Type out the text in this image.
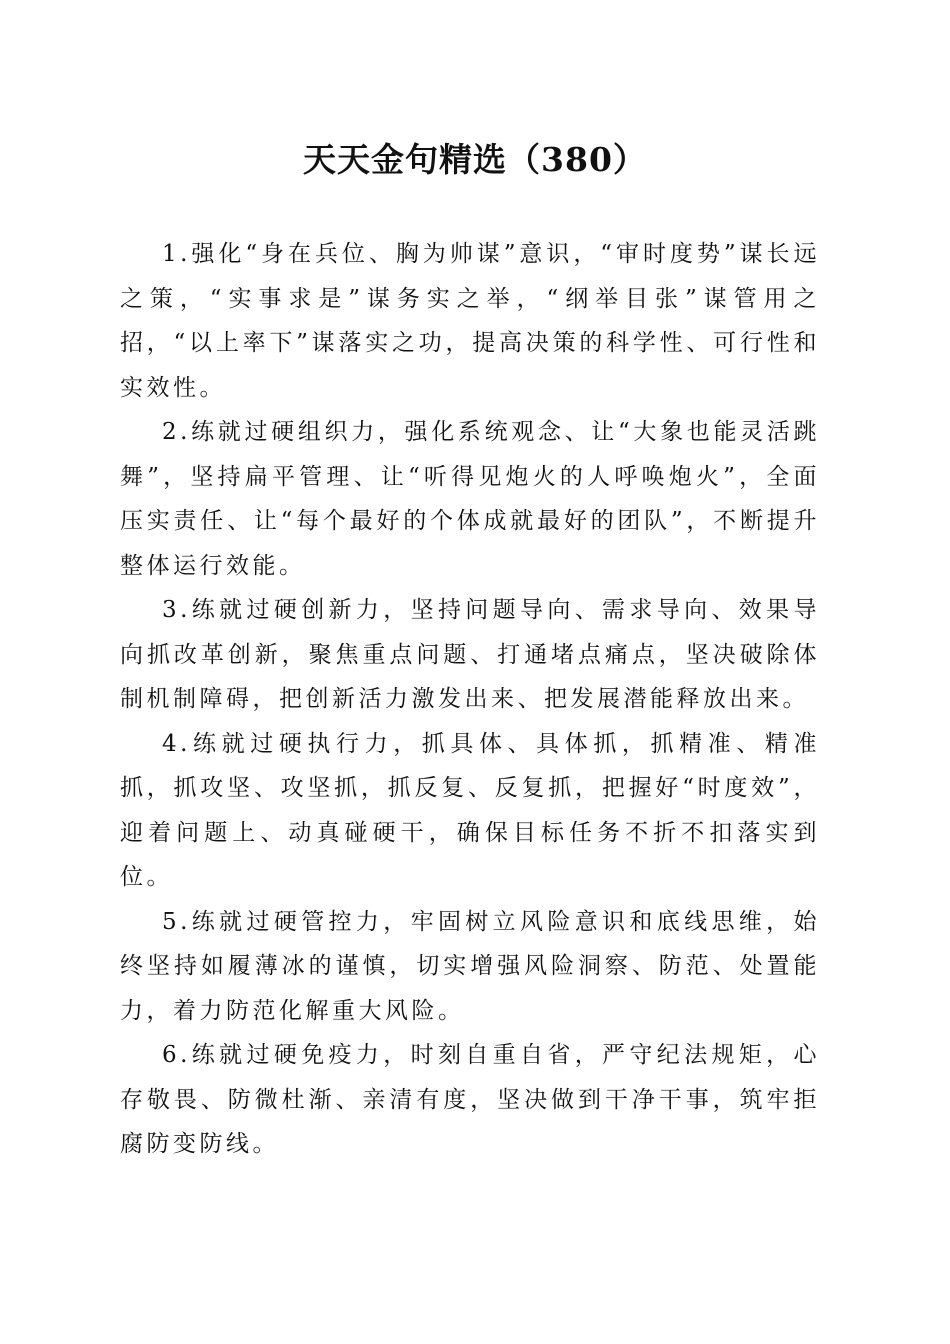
天天金句精选（380）

1.强化“身在兵位、胸为帅谋”意识，“审时度势”谋长远之策，“实事求是”谋务实之举，“纲举目张”谋管用之招，“以上率下”谋落实之功，提高决策的科学性、可行性和实效性。

2.练就过硬组织力，强化系统观念、让“大象也能灵活跳舞”，坚持扁平管理、让“听得见炮火的人呼唤炮火”，全面压实责任、让“每个最好的个体成就最好的团队”，不断提升整体运行效能。

3.练就过硬创新力，坚持问题导向、需求导向、效果导向抓改革创新，聚焦重点问题、打通堵点痛点，坚决破除体制机制障碍，把创新活力激发出来、把发展潜能释放出来。

4.练就过硬执行力，抓具体、具体抓，抓精准、精准抓，抓攻坚、攻坚抓，抓反复、反复抓，把握好“时度效”，迎着问题上、动真碰硬干，确保目标任务不折不扣落实到位。

5.练就过硬管控力，牢固树立风险意识和底线思维，始终坚持如履薄冰的谨慎，切实增强风险洞察、防范、处置能力，着力防范化解重大风险。

6.练就过硬免疫力，时刻自重自省，严守纪法规矩，心存敬畏、防微杜渐、亲清有度，坚决做到干净干事，筑牢拒腐防变防线。
